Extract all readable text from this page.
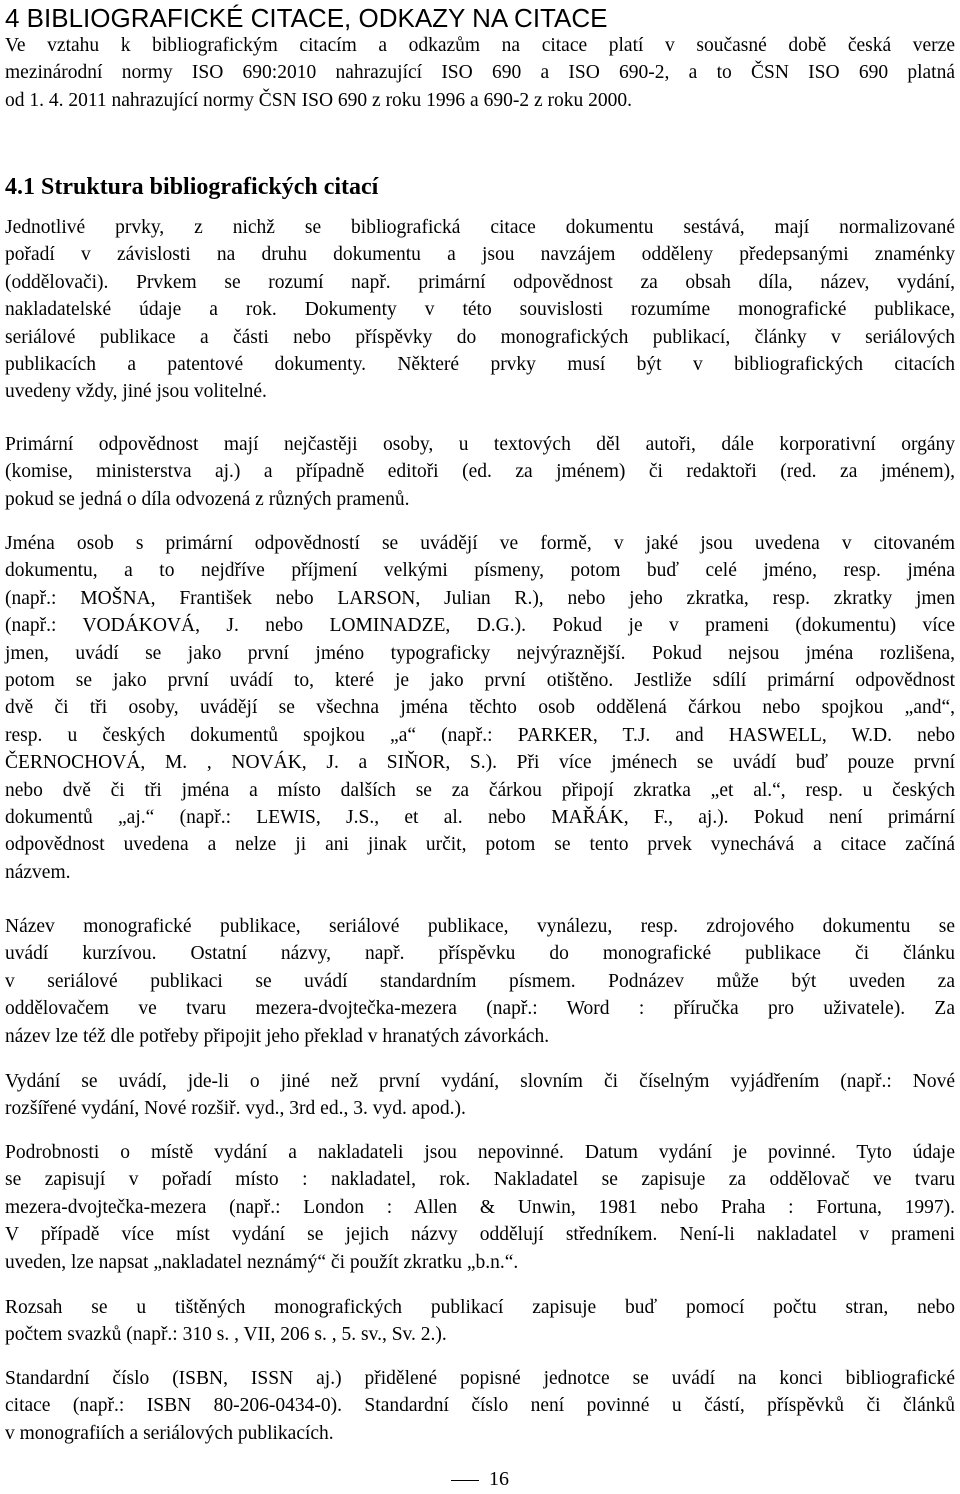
4 BIBLIOGRAFICKÉ CITACE, ODKAZY NA CITACE
4.1 Struktura bibliografických citací
Ve vztahu k bibliografickým citacím a odkazům na citace platí v současné době česká verze
mezinárodní normy ISO 690:2010 nahrazující ISO 690 a ISO 690-2, a to ČSN ISO 690 platná
od 1. 4. 2011 nahrazující normy ČSN ISO 690 z roku 1996 a 690-2 z roku 2000.
Jednotlivé prvky, z nichž se bibliografická citace dokumentu sestává, mají normalizované
pořadí v závislosti na druhu dokumentu a jsou navzájem odděleny předepsanými znaménky
(oddělovači). Prvkem se rozumí např. primární odpovědnost za obsah díla, název, vydání,
nakladatelské údaje a rok. Dokumenty v této souvislosti rozumíme monografické publikace,
seriálové publikace a části nebo příspěvky do monografických publikací, články v seriálových
publikacích a patentové dokumenty. Některé prvky musí být v bibliografických citacích
uvedeny vždy, jiné jsou volitelné.
Primární odpovědnost mají nejčastěji osoby, u textových děl autoři, dále korporativní orgány
(komise, ministerstva aj.) a případně editoři (ed. za jménem) či redaktoři (red. za jménem),
pokud se jedná o díla odvozená z různých pramenů.
Jména osob s primární odpovědností se uvádějí ve formě, v jaké jsou uvedena v citovaném
dokumentu, a to nejdříve příjmení velkými písmeny, potom buď celé jméno, resp. jména
(např.: MOŠNA, František nebo LARSON, Julian R.), nebo jeho zkratka, resp. zkratky jmen
(např.: VODÁKOVÁ, J. nebo LOMINADZE, D.G.). Pokud je v prameni (dokumentu) více
jmen, uvádí se jako první jméno typograficky nejvýraznější. Pokud nejsou jména rozlišena,
potom se jako první uvádí to, které je jako první otištěno. Jestliže sdílí primární odpovědnost
dvě či tři osoby, uvádějí se všechna jména těchto osob oddělená čárkou nebo spojkou „and“,
resp. u českých dokumentů spojkou „a“ (např.: PARKER, T.J. and HASWELL, W.D. nebo
ČERNOCHOVÁ, M. , NOVÁK, J. a SIŇOR, S.). Při více jménech se uvádí buď pouze první
nebo dvě či tři jména a místo dalších se za čárkou připojí zkratka „et al.“, resp. u českých
dokumentů „aj.“ (např.: LEWIS, J.S., et al. nebo MAŘÁK, F., aj.). Pokud není primární
odpovědnost uvedena a nelze ji ani jinak určit, potom se tento prvek vynechává a citace začíná
názvem.
Název monografické publikace, seriálové publikace, vynálezu, resp. zdrojového dokumentu se
uvádí kurzívou. Ostatní názvy, např. příspěvku do monografické publikace či článku
v seriálové publikaci se uvádí standardním písmem. Podnázev může být uveden za
oddělovačem ve tvaru mezera-dvojtečka-mezera (např.: Word : příručka pro uživatele). Za
název lze též dle potřeby připojit jeho překlad v hranatých závorkách.
Vydání se uvádí, jde-li o jiné než první vydání, slovním či číselným vyjádřením (např.: Nové
rozšířené vydání, Nové rozšiř. vyd., 3rd ed., 3. vyd. apod.).
Podrobnosti o místě vydání a nakladateli jsou nepovinné. Datum vydání je povinné. Tyto údaje
se zapisují v pořadí místo : nakladatel, rok. Nakladatel se zapisuje za oddělovač ve tvaru
mezera-dvojtečka-mezera (např.: London : Allen & Unwin, 1981 nebo Praha : Fortuna, 1997).
V případě více míst vydání se jejich názvy oddělují středníkem. Není-li nakladatel v prameni
uveden, lze napsat „nakladatel neznámý“ či použít zkratku „b.n.“.
Rozsah se u tištěných monografických publikací zapisuje buď pomocí počtu stran, nebo
počtem svazků (např.: 310 s. , VII, 206 s. , 5. sv., Sv. 2.).
Standardní číslo (ISBN, ISSN aj.) přidělené popisné jednotce se uvádí na konci bibliografické
citace (např.: ISBN 80-206-0434-0). Standardní číslo není povinné u částí, příspěvků či článků
v monografiích a seriálových publikacích.
16
